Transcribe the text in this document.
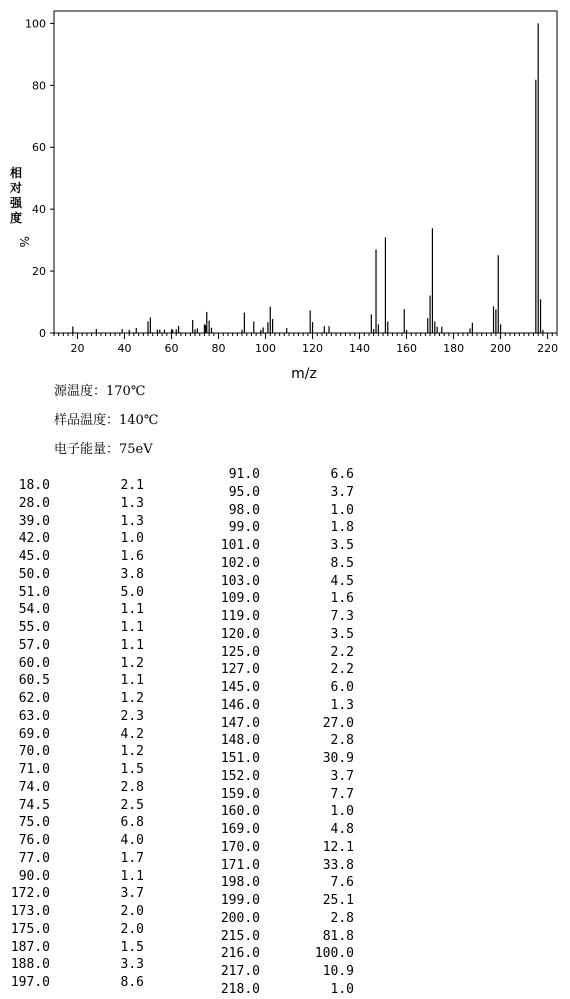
0
20
40
60
80
100
20	40	60	80	100 120 140 160 180 200 220
相对强度
%
m/z
源温度：170℃
样品温度：140℃
电子能量：75eV
18.0	2.1
28.0	1.3
39.0	1.3
42.0	1.0
45.0	1.6
50.0	3.8
51.0	5.0
54.0	1.1
55.0	1.1
57.0	1.1
60.0	1.2
60.5	1.1
62.0	1.2
63.0	2.3
69.0	4.2
70.0	1.2
71.0	1.5
74.0	2.8
74.5	2.5
75.0	6.8
76.0	4.0
77.0	1.7
90.0	1.1
172.0	3.7
173.0	2.0
175.0	2.0
187.0	1.5
188.0	3.3
197.0	8.6
91.0	6.6
95.0	3.7
98.0	1.0
99.0	1.8
101.0	3.5
102.0	8.5
103.0	4.5
109.0	1.6
119.0	7.3
120.0	3.5
125.0	2.2
127.0	2.2
145.0	6.0
146.0	1.3
147.0	27.0
148.0	2.8
151.0	30.9
152.0	3.7
159.0	7.7
160.0	1.0
169.0	4.8
170.0	12.1
171.0	33.8
198.0	7.6
199.0	25.1
200.0	2.8
215.0	81.8
216.0	100.0
217.0	10.9
218.0	1.0
